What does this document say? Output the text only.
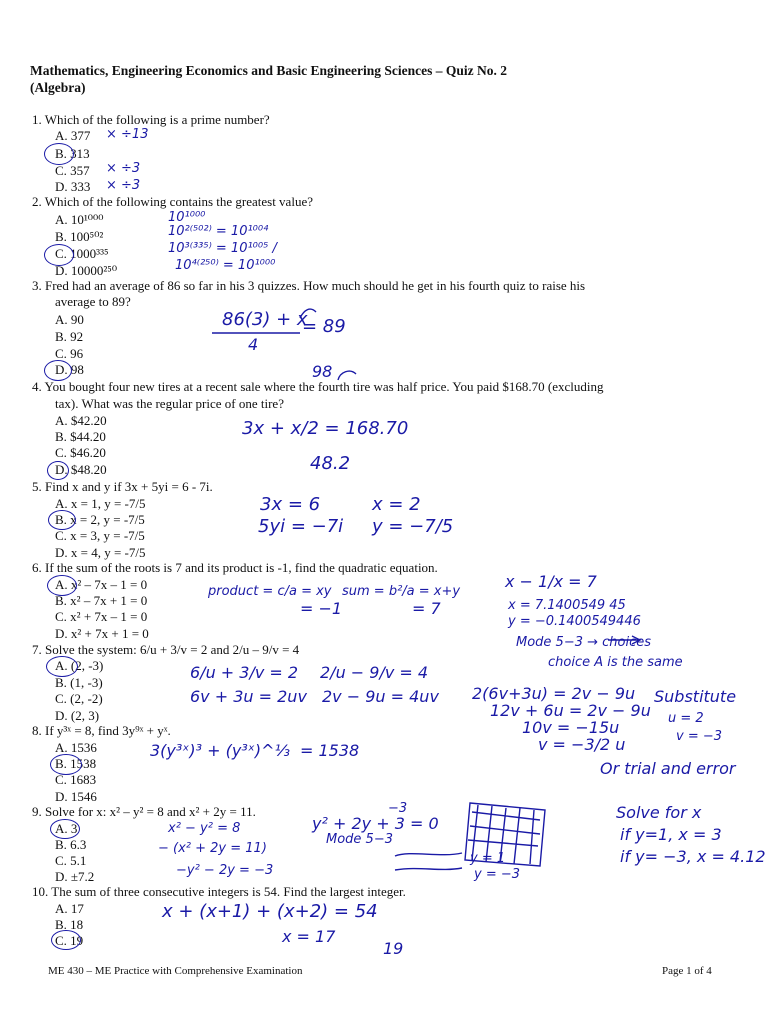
Mathematics, Engineering Economics and Basic Engineering Sciences – Quiz No. 2
(Algebra)
1. Which of the following is a prime number?
A. 377
B. 313
C. 357
D. 333
2. Which of the following contains the greatest value?
A. 10¹⁰⁰⁰
B. 100⁵⁰²
C. 1000³³⁵
D. 10000²⁵⁰
3. Fred had an average of 86 so far in his 3 quizzes. How much should he get in his fourth quiz to raise his
average to 89?
A. 90
B. 92
C. 96
D. 98
4. You bought four new tires at a recent sale where the fourth tire was half price. You paid $168.70 (excluding
tax). What was the regular price of one tire?
A. $42.20
B. $44.20
C. $46.20
D. $48.20
5. Find x and y if 3x + 5yi = 6 - 7i.
A. x = 1, y = -7/5
B. x = 2, y = -7/5
C. x = 3, y = -7/5
D. x = 4, y = -7/5
6. If the sum of the roots is 7 and its product is -1, find the quadratic equation.
A. x² – 7x – 1 = 0
B. x² – 7x + 1 = 0
C. x² + 7x – 1 = 0
D. x² + 7x + 1 = 0
7. Solve the system: 6/u + 3/v = 2 and 2/u – 9/v = 4
A. (2, -3)
B. (1, -3)
C. (2, -2)
D. (2, 3)
8. If y³ˣ = 8, find 3y⁹ˣ + yˣ.
A. 1536
B. 1538
C. 1683
D. 1546
9. Solve for x: x² – y² = 8 and x² + 2y = 11.
A. 3
B. 6.3
C. 5.1
D. ±7.2
10. The sum of three consecutive integers is 54. Find the largest integer.
A. 17
B. 18
C. 19
× ÷13
× ÷3
× ÷3
10¹⁰⁰⁰
10²⁽⁵⁰²⁾ = 10¹⁰⁰⁴
10³⁽³³⁵⁾ = 10¹⁰⁰⁵ /
10⁴⁽²⁵⁰⁾ = 10¹⁰⁰⁰
86(3) + x
4
= 89
98
3x + x/2 = 168.70
48.2
3x = 6	x = 2
5yi = −7i y = −7/5
product = c/a = xy
= −1
sum = b²/a = x+y
= 7
x − 1/x = 7
x = 7.1400549 45
y = −0.1400549446
Mode 5−3 → choices
choice A is the same
6/u + 3/v = 2
6v + 3u = 2uv
2/u − 9/v = 4
2v − 9u = 4uv 2(6v+3u) = 2v − 9u
12v + 6u = 2v − 9u
10v = −15u
v = −3/2 u
Substitute
u = 2
v = −3
Or trial and error
3(y³ˣ)³ + (y³ˣ)^⅓ = 1538
−3
x² − y² = 8
− (x² + 2y = 11)
−y² − 2y = −3
y² + 2y + 3 = 0
Mode 5−3
y = 1
y = −3
Solve for x
if y=1, x = 3
if y= −3, x = 4.12
x + (x+1) + (x+2) = 54
x = 17
19
ME 430 – ME Practice with Comprehensive Examination	Page 1 of 4
